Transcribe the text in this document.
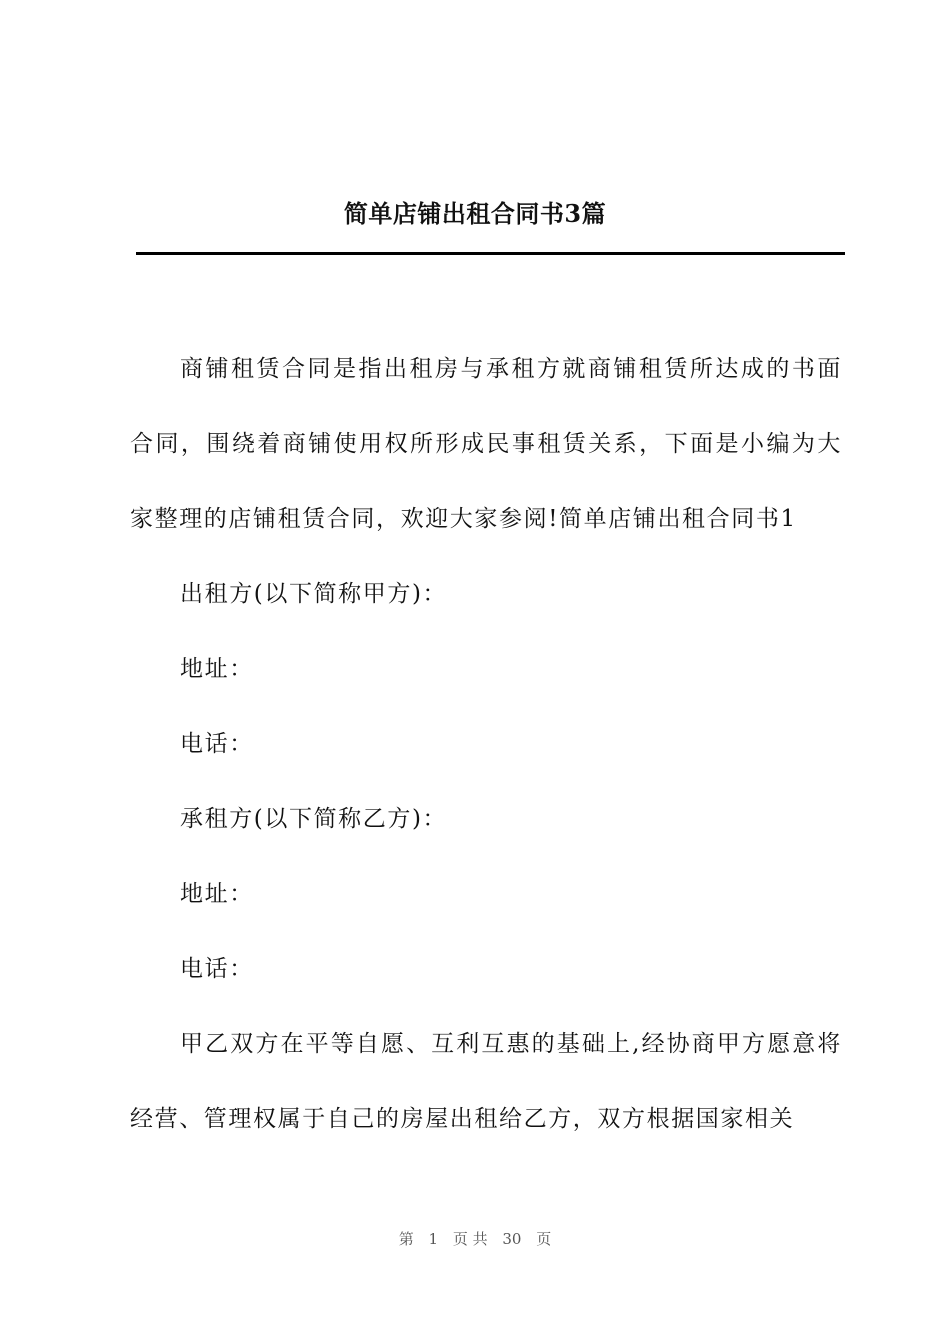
简单店铺出租合同书3篇

商铺租赁合同是指出租房与承租方就商铺租赁所达成的书面合同，围绕着商铺使用权所形成民事租赁关系，下面是小编为大家整理的店铺租赁合同，欢迎大家参阅!简单店铺出租合同书1

出租方(以下简称甲方)：

地址：

电话：

承租方(以下简称乙方)：

地址：

电话：

甲乙双方在平等自愿、互利互惠的基础上,经协商甲方愿意将经营、管理权属于自己的房屋出租给乙方，双方根据国家相关

第 1 页 共 30 页
